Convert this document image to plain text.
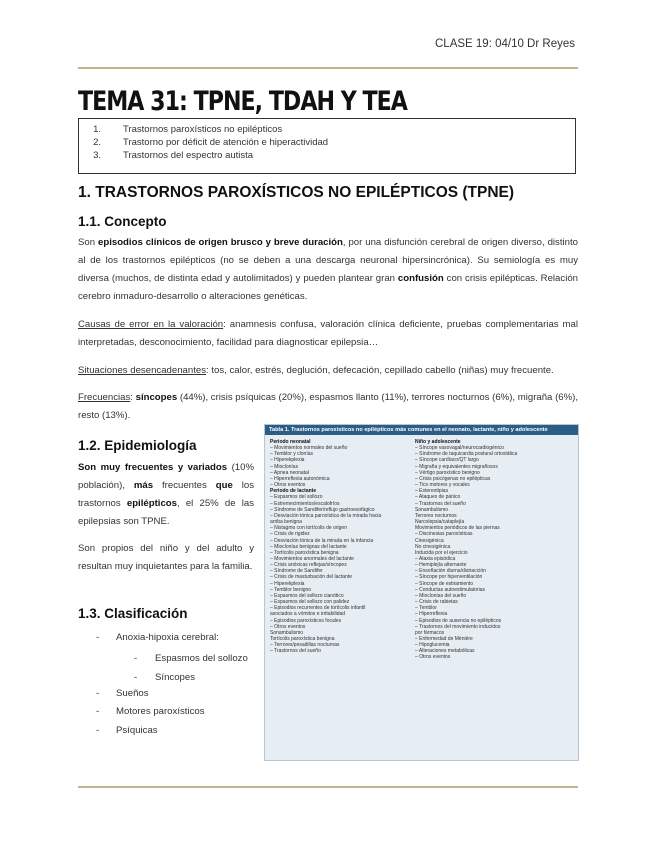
CLASE 19: 04/10 Dr Reyes
TEMA 31: TPNE, TDAH Y TEA
1.	Trastornos paroxísticos no epilépticos
2.	Trastorno por déficit de atención e hiperactividad
3.	Trastornos del espectro autista
1. TRASTORNOS PAROXÍSTICOS NO EPILÉPTICOS (TPNE)
1.1. Concepto
Son episodios clínicos de origen brusco y breve duración, por una disfunción cerebral de origen diverso, distinto al de los trastornos epilépticos (no se deben a una descarga neuronal hipersincrónica). Su semiología es muy diversa (muchos, de distinta edad y autolimitados) y pueden plantear gran confusión con crisis epilépticas. Relación cerebro inmaduro-desarrollo o alteraciones genéticas.
Causas de error en la valoración: anamnesis confusa, valoración clínica deficiente, pruebas complementarias mal interpretadas, desconocimiento, facilidad para diagnosticar epilepsia…
Situaciones desencadenantes: tos, calor, estrés, deglución, defecación, cepillado cabello (niñas) muy frecuente.
Frecuencias: síncopes (44%), crisis psíquicas (20%), espasmos llanto (11%), terrores nocturnos (6%), migraña (6%), resto (13%).
1.2. Epidemiología
Son muy frecuentes y variados (10% población), más frecuentes que los trastornos epilépticos, el 25% de las epilepsias son TPNE.
Son propios del niño y del adulto y resultan muy inquietantes para la familia.
1.3. Clasificación
- Anoxia-hipoxia cerebral:
- Espasmos del sollozo
- Síncopes
- Sueños
- Motores paroxísticos
- Psíquicas
Tabla 1. Trastornos paroxísticos no epilépticos más comunes en el neonato, lactante, niño y adolescente
Periodo neonatal
– Movimientos normales del sueño
– Temblor y clonías
– Hiperekplexia
– Mioclonías
– Apnea neonatal
– Hiperreflexia autonómica
– Otros eventos
Periodo de lactante
– Espasmos del sollozo
– Estremecimientos/escalofríos
– Síndrome de Sandifer/reflujo gastroesofágico
– Desviación tónica paroxística de la mirada hacia
arriba benigna
– Nistagmo con tortícolis de origen
– Crisis de rigidez
– Desviación tónica de la mirada en la infancia
– Mioclonías benignas del lactante
– Tortícolis paroxística benigna
– Movimientos anormales del lactante
– Crisis anóxicas reflejas/síncopes
– Síndrome de Sandifer
– Crisis de masturbación del lactante
– Hiperekplexia
– Temblor benigno
– Espasmos del sollozo cianótico
– Espasmos del sollozo con palidez
– Episodios recurrentes de tortícolis infantil
asociados a vómitos e irritabilidad
– Episodios paroxísticos focales
– Otros eventos
Sonambulismo
Tortícolis paroxística benigna
– Terrores/pesadillas nocturnas
– Trastornos del sueño
Niño y adolescente
– Síncope vasovagal/neurocardiogénico
– Síndrome de taquicardia postural ortostática
– Síncope cardíaco/QT largo
– Migraña y equivalentes migrañosos
– Vértigo paroxístico benigno
– Crisis psicógenas no epilépticas
– Tics motores y vocales
– Estereotipias
– Ataques de pánico
– Trastornos del sueño
Sonambulismo
Terrores nocturnos
Narcolepsia/cataplejía
Movimientos periódicos de las piernas
– Discinesias paroxísticas
Cinesigénica
No cinesigénica
Inducida por el ejercicio
– Ataxia episódica
– Hemiplejía alternante
– Ensoñación diurna/distracción
– Síncope por hiperventilación
– Síncope de estiramiento
– Conductas autoestimulatorias
– Mioclonías del sueño
– Crisis de rabietas
– Temblor
– Hiperreflexia
– Episodios de ausencia no epilépticos
– Trastornos del movimiento inducidos
por fármacos
– Enfermedad de Ménière
– Hipoglucemia
– Alteraciones metabólicas
– Otros eventos
